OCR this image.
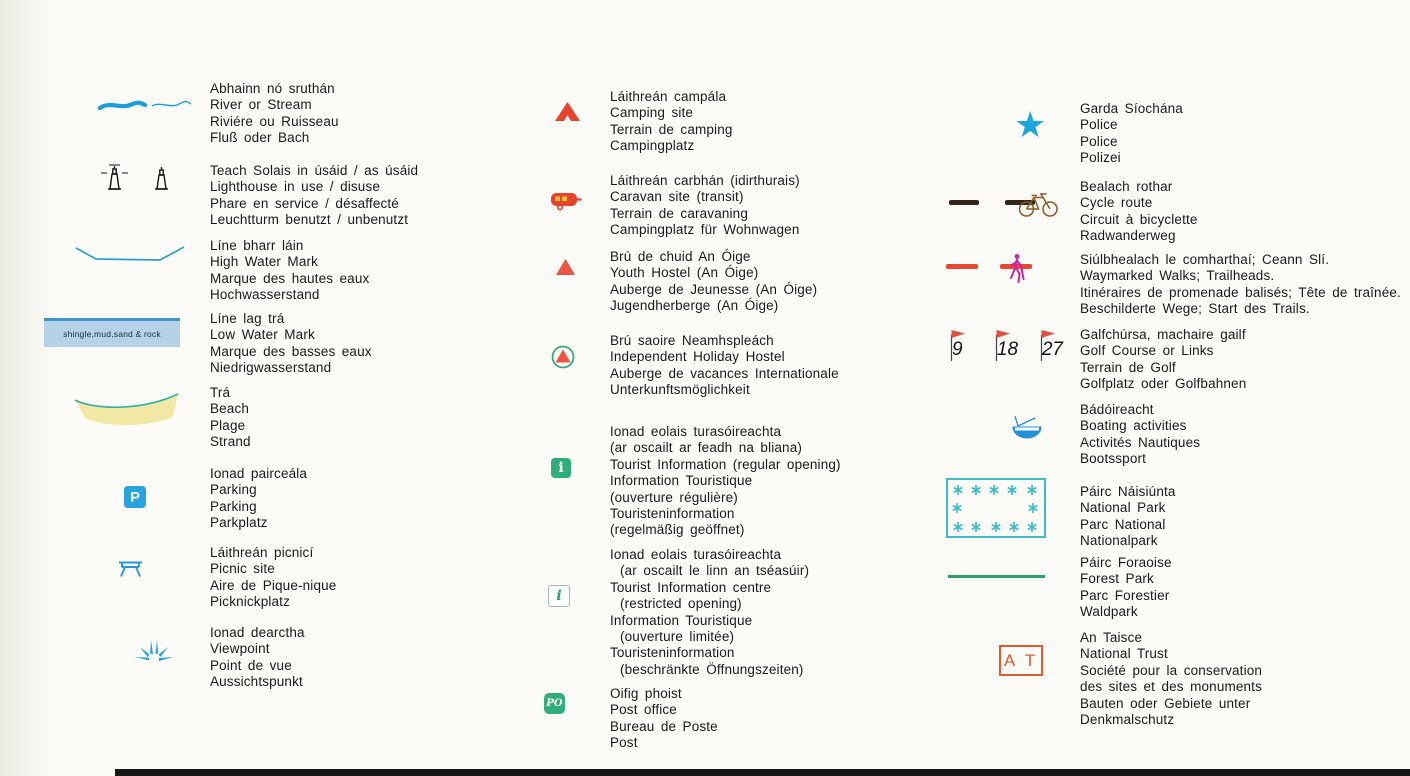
Abhainn nó sruthán
River or Stream
Riviére ou Ruisseau
Fluß oder Bach
Teach Solais in úsáid / as úsáid
Lighthouse in use / disuse
Phare en service / désaffecté
Leuchtturm benutzt / unbenutzt
Líne bharr láin
High Water Mark
Marque des hautes eaux
Hochwasserstand
shingle,mud,sand & rock
Líne lag trá
Low Water Mark
Marque des basses eaux
Niedrigwasserstand
Trá
Beach
Plage
Strand
P
Ionad pairceála
Parking
Parking
Parkplatz
Láithreán picnicí
Picnic site
Aire de Pique-nique
Picknickplatz
Ionad dearctha
Viewpoint
Point de vue
Aussichtspunkt
Láithreán campála
Camping site
Terrain de camping
Campingplatz
Láithreán carbhán (idirthurais)
Caravan site (transit)
Terrain de caravaning
Campingplatz für Wohnwagen
Brú de chuid An Óige
Youth Hostel (An Óige)
Auberge de Jeunesse (An Óige)
Jugendherberge (An Óige)
Brú saoire Neamhspleách
Independent Holiday Hostel
Auberge de vacances Internationale
Unterkunftsmöglichkeit
i
Ionad eolais turasóireachta
(ar oscailt ar feadh na bliana)
Tourist Information (regular opening)
Information Touristique
(ouverture régulière)
Touristeninformation
(regelmäßig geöffnet)
i
Ionad eolais turasóireachta
(ar oscailt le linn an tséasúir)
Tourist Information centre
(restricted opening)
Information Touristique
(ouverture limitée)
Touristeninformation
(beschränkte Öffnungszeiten)
PO
Oifig phoist
Post office
Bureau de Poste
Post
★ Garda Síochána
Police
Police
Polizei
Bealach rothar
Cycle route
Circuit à bicyclette
Radwanderweg
Siúlbhealach le comharthaí; Ceann Slí.
Waymarked Walks; Trailheads.
Itinéraires de promenade balisés; Tête de traînée.
Beschilderte Wege; Start des Trails.
9
18
27
Galfchúrsa, machaire gailf
Golf Course or Links
Terrain de Golf
Golfplatz oder Golfbahnen
Bádóireacht
Boating activities
Activités Nautiques
Bootssport
Páirc Náisiúnta
National Park
Parc National
Nationalpark
Páirc Foraoise
Forest Park
Parc Forestier
Waldpark
A T
An Taisce
National Trust
Société pour la conservation
des sites et des monuments
Bauten oder Gebiete unter
Denkmalschutz
